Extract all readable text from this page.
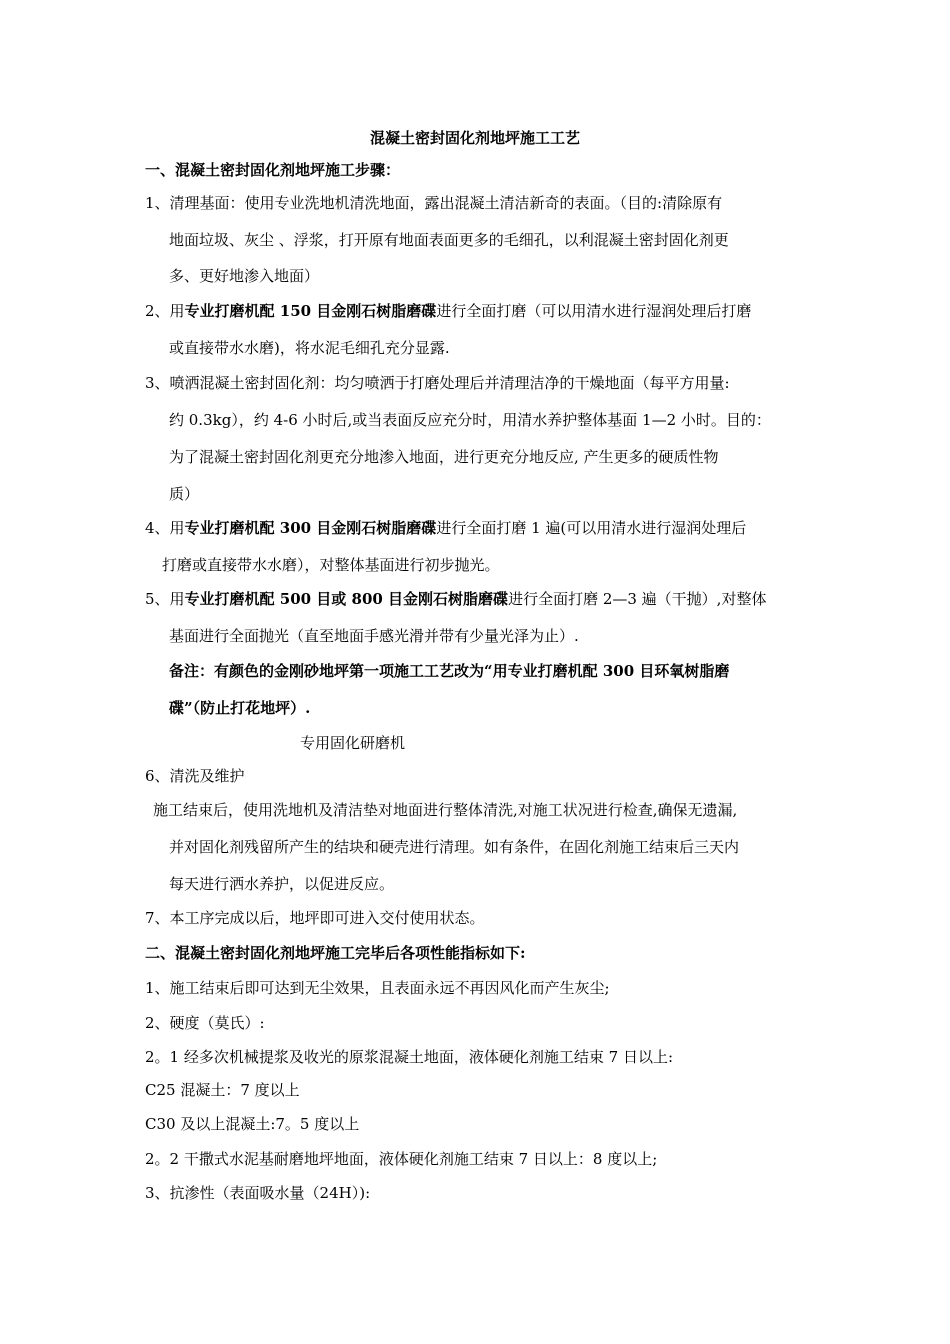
混凝土密封固化剂地坪施工工艺
一、混凝土密封固化剂地坪施工步骤：
1、清理基面：使用专业洗地机清洗地面，露出混凝土清洁新奇的表面。（目的:清除原有
地面垃圾、灰尘 、浮浆，打开原有地面表面更多的毛细孔，以利混凝土密封固化剂更
多、更好地渗入地面）
2、用专业打磨机配 150 目金刚石树脂磨碟进行全面打磨（可以用清水进行湿润处理后打磨
或直接带水水磨)，将水泥毛细孔充分显露.
3、喷洒混凝土密封固化剂：均匀喷洒于打磨处理后并清理洁净的干燥地面（每平方用量:
约 0.3kg），约 4-6 小时后,或当表面反应充分时，用清水养护整体基面 1—2 小时。目的：
为了混凝土密封固化剂更充分地渗入地面，进行更充分地反应, 产生更多的硬质性物
质）
4、用专业打磨机配 300 目金刚石树脂磨碟进行全面打磨 1 遍(可以用清水进行湿润处理后
打磨或直接带水水磨），对整体基面进行初步抛光。
5、用专业打磨机配 500 目或 800 目金刚石树脂磨碟进行全面打磨 2—3 遍（干抛）,对整体
基面进行全面抛光（直至地面手感光滑并带有少量光泽为止）.
备注：有颜色的金刚砂地坪第一项施工工艺改为“用专业打磨机配 300 目环氧树脂磨
碟”（防止打花地坪）.
专用固化研磨机
6、清洗及维护
施工结束后，使用洗地机及清洁垫对地面进行整体清洗,对施工状况进行检查,确保无遗漏,
并对固化剂残留所产生的结块和硬壳进行清理。如有条件，在固化剂施工结束后三天内
每天进行洒水养护，以促进反应。
7、本工序完成以后，地坪即可进入交付使用状态。
二、混凝土密封固化剂地坪施工完毕后各项性能指标如下:
1、施工结束后即可达到无尘效果，且表面永远不再因风化而产生灰尘;
2、硬度（莫氏）:
2。1 经多次机械提浆及收光的原浆混凝土地面，液体硬化剂施工结束 7 日以上:
C25 混凝土：7 度以上
C30 及以上混凝土:7。5 度以上
2。2 干撒式水泥基耐磨地坪地面，液体硬化剂施工结束 7 日以上：8 度以上;
3、抗渗性（表面吸水量（24H）):
